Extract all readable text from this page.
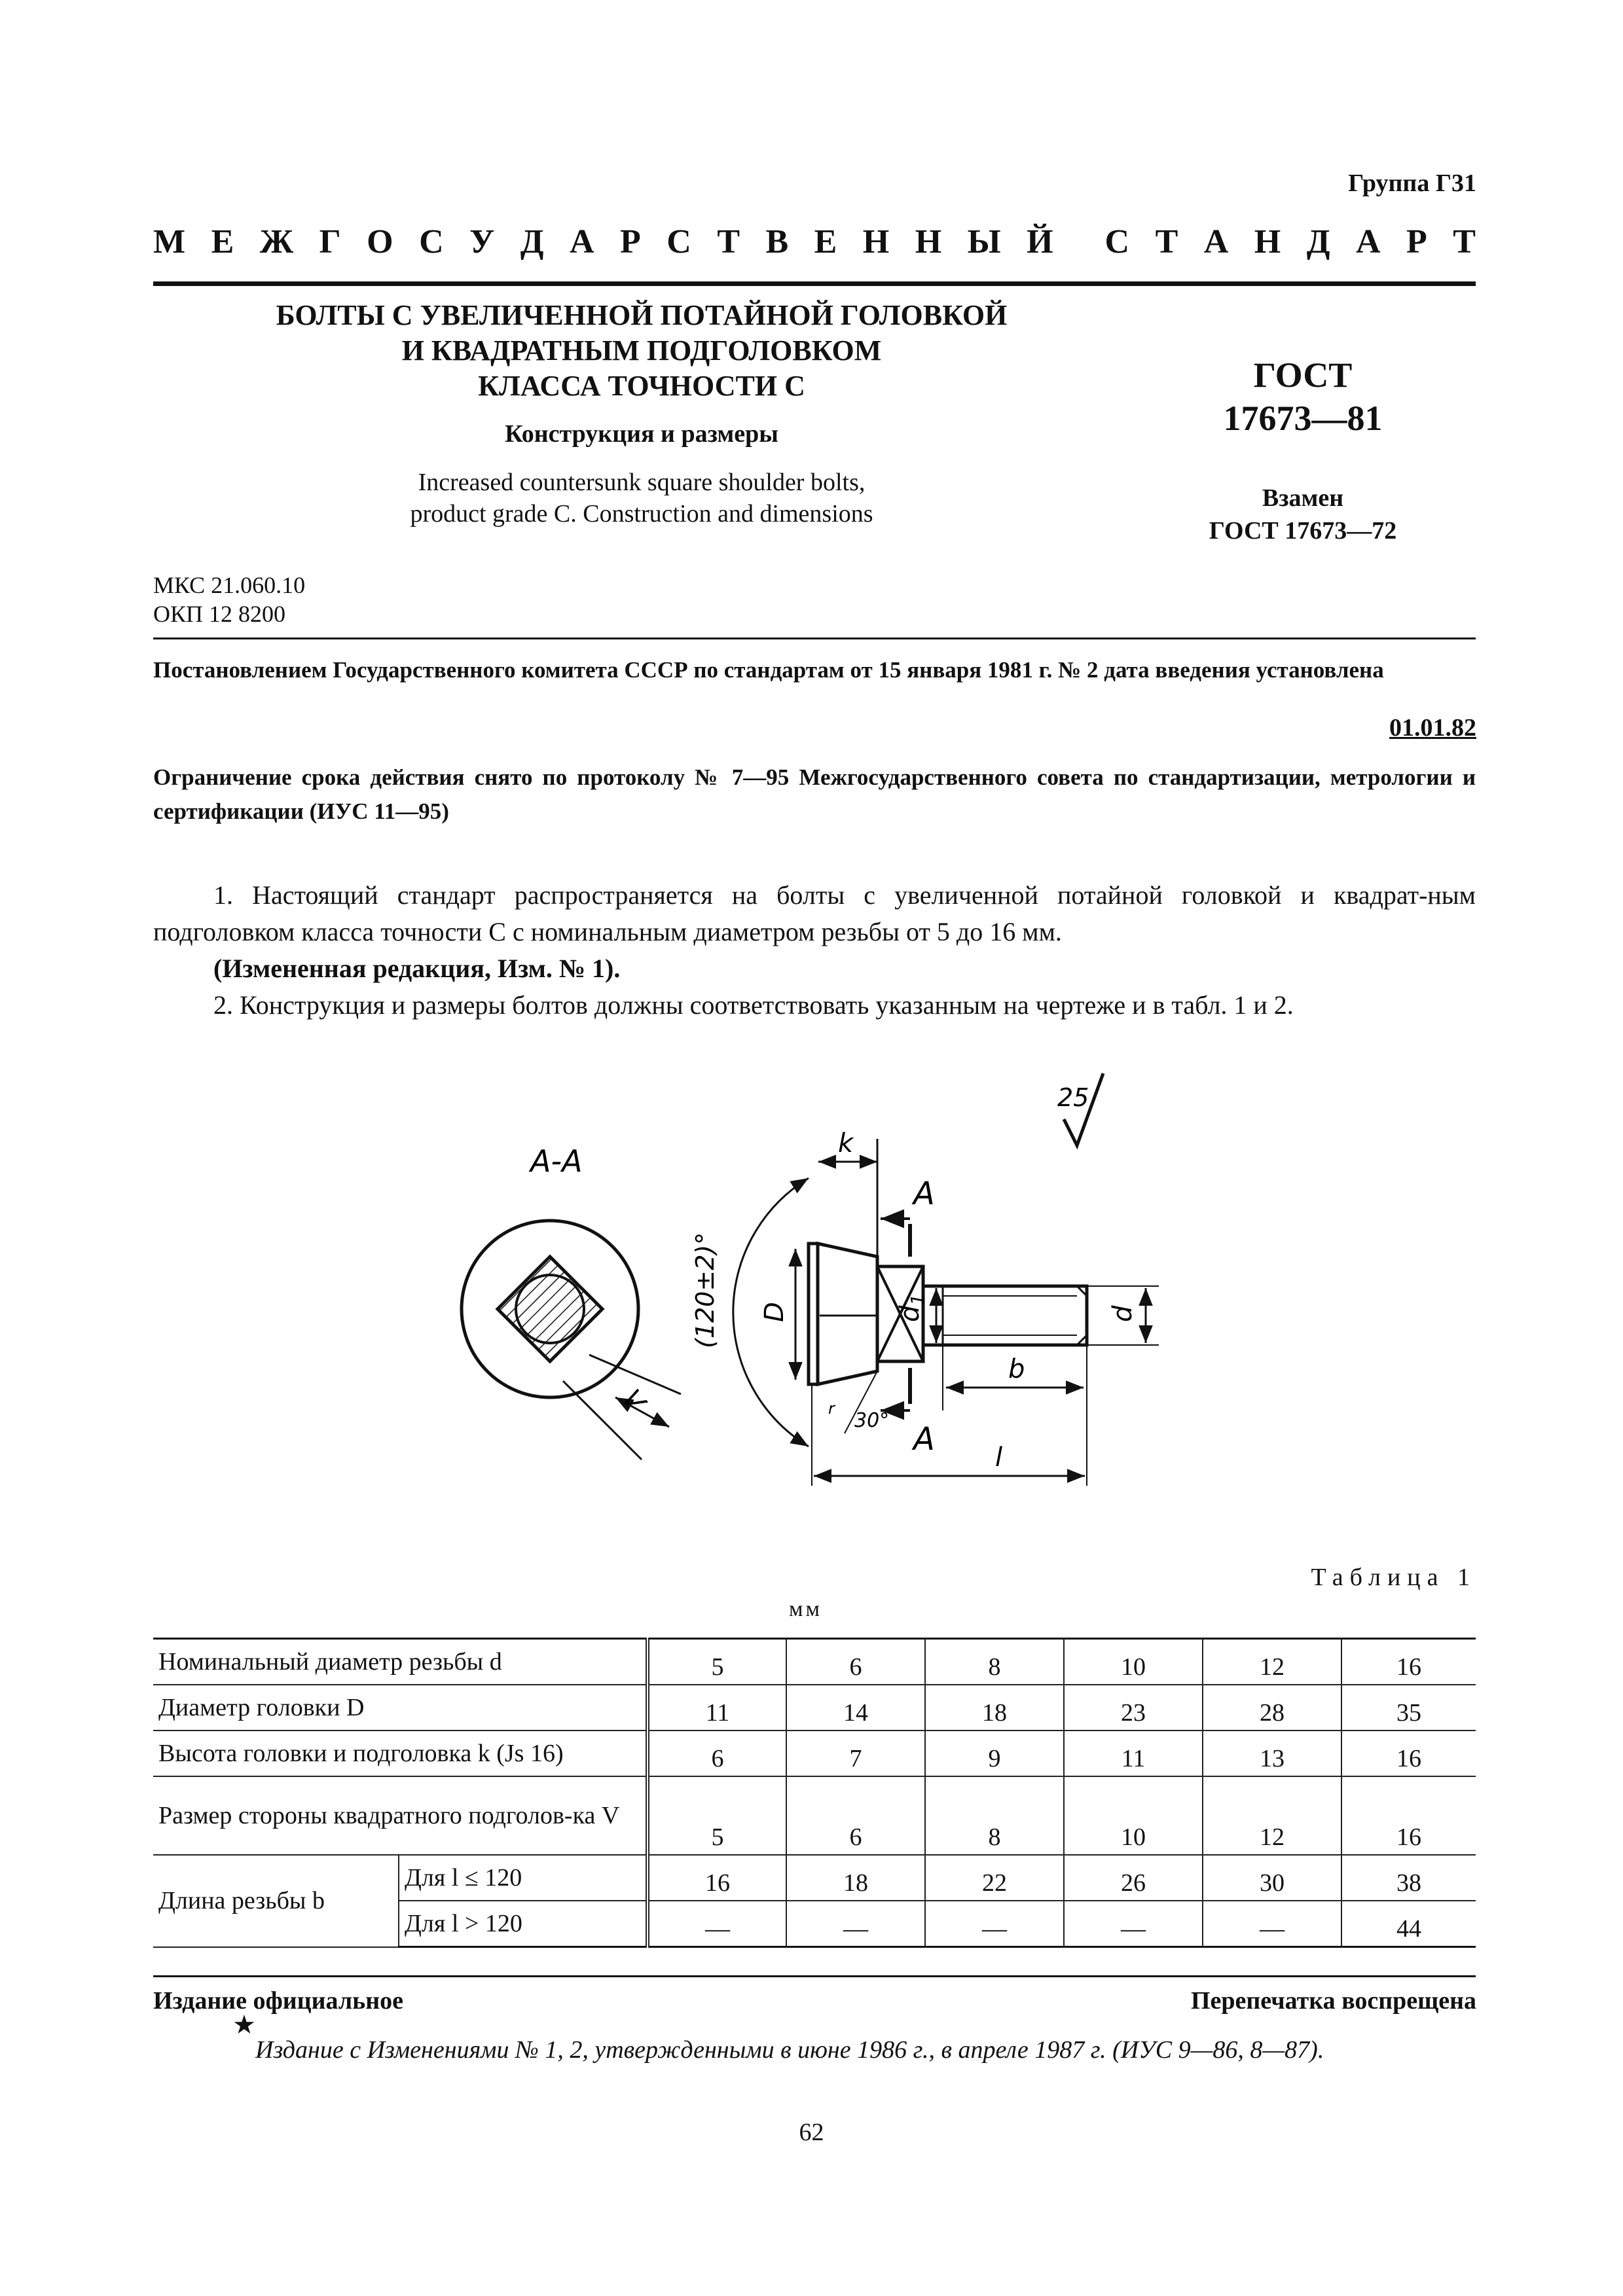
Группа Г31
М Е Ж Г О С У Д А Р С Т В Е Н Н Ы Й С Т А Н Д А Р Т
БОЛТЫ С УВЕЛИЧЕННОЙ ПОТАЙНОЙ ГОЛОВКОЙ
И КВАДРАТНЫМ ПОДГОЛОВКОМ
КЛАССА ТОЧНОСТИ С
Конструкция и размеры
Increased countersunk square shoulder bolts,
product grade C. Construction and dimensions
ГОСТ
17673—81
Взамен
ГОСТ 17673—72
МКС 21.060.10
ОКП 12 8200
Постановлением Государственного комитета СССР по стандартам от 15 января 1981 г. № 2 дата введения установлена
01.01.82
Ограничение срока действия снято по протоколу № 7—95 Межгосударственного совета по стандартизации, метрологии и сертификации (ИУС 11—95)
1. Настоящий стандарт распространяется на болты с увеличенной потайной головкой и квадрат-ным подголовком класса точности С с номинальным диаметром резьбы от 5 до 16 мм.
(Измененная редакция, Изм. № 1).
2. Конструкция и размеры болтов должны соответствовать указанным на чертеже и в табл. 1 и 2.
А-А
V
25
(120±2)° D
k
А
А
$d_1$
d
b
l
30°
r
Таблица 1
мм
Номинальный диаметр резьбы d		5	6	8	10	12	16
Диаметр головки D		11	14	18	23	28	35
Высота головки и подголовка k (Js 16)		6	7	9	11	13	16
Размер стороны квадратного подголов-ка V		5	6	8	10	12	16
Длина резьбы b	Для l ≤ 120	16	18	22	26	30	38
	Для l > 120	—	—	—	—	—	44
Издание официальное	Перепечатка воспрещена
★
Издание с Изменениями № 1, 2, утвержденными в июне 1986 г., в апреле 1987 г. (ИУС 9—86, 8—87).
62
